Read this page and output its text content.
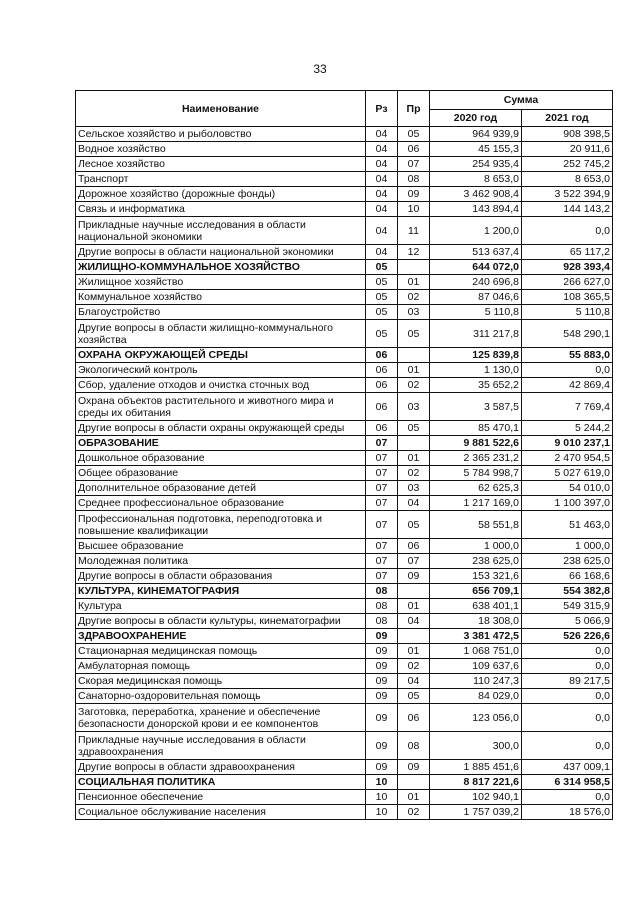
33
Наименование	Рз	Пр	Сумма	
			2020 год	2021 год
Сельское хозяйство и рыболовство	04	05	964 939,9	908 398,5
Водное хозяйство	04	06	45 155,3	20 911,6
Лесное хозяйство	04	07	254 935,4	252 745,2
Транспорт	04	08	8 653,0	8 653,0
Дорожное хозяйство (дорожные фонды)	04	09	3 462 908,4	3 522 394,9
Связь и информатика	04	10	143 894,4	144 143,2
Прикладные научные исследования в области национальной экономики	04	11	1 200,0	0,0
Другие вопросы в области национальной экономики	04	12	513 637,4	65 117,2
ЖИЛИЩНО-КОММУНАЛЬНОЕ ХОЗЯЙСТВО	05		644 072,0	928 393,4
Жилищное хозяйство	05	01	240 696,8	266 627,0
Коммунальное хозяйство	05	02	87 046,6	108 365,5
Благоустройство	05	03	5 110,8	5 110,8
Другие вопросы в области жилищно-коммунального хозяйства	05	05	311 217,8	548 290,1
ОХРАНА ОКРУЖАЮЩЕЙ СРЕДЫ	06		125 839,8	55 883,0
Экологический контроль	06	01	1 130,0	0,0
Сбор, удаление отходов и очистка сточных вод	06	02	35 652,2	42 869,4
Охрана объектов растительного и животного мира и среды их обитания	06	03	3 587,5	7 769,4
Другие вопросы в области охраны окружающей среды	06	05	85 470,1	5 244,2
ОБРАЗОВАНИЕ	07		9 881 522,6	9 010 237,1
Дошкольное образование	07	01	2 365 231,2	2 470 954,5
Общее образование	07	02	5 784 998,7	5 027 619,0
Дополнительное образование детей	07	03	62 625,3	54 010,0
Среднее профессиональное образование	07	04	1 217 169,0	1 100 397,0
Профессиональная подготовка, переподготовка и повышение квалификации	07	05	58 551,8	51 463,0
Высшее образование	07	06	1 000,0	1 000,0
Молодежная политика	07	07	238 625,0	238 625,0
Другие вопросы в области образования	07	09	153 321,6	66 168,6
КУЛЬТУРА, КИНЕМАТОГРАФИЯ	08		656 709,1	554 382,8
Культура	08	01	638 401,1	549 315,9
Другие вопросы в области культуры, кинематографии	08	04	18 308,0	5 066,9
ЗДРАВООХРАНЕНИЕ	09		3 381 472,5	526 226,6
Стационарная медицинская помощь	09	01	1 068 751,0	0,0
Амбулаторная помощь	09	02	109 637,6	0,0
Скорая медицинская помощь	09	04	110 247,3	89 217,5
Санаторно-оздоровительная помощь	09	05	84 029,0	0,0
Заготовка, переработка, хранение и обеспечение безопасности донорской крови и ее компонентов	09	06	123 056,0	0,0
Прикладные научные исследования в области здравоохранения	09	08	300,0	0,0
Другие вопросы в области здравоохранения	09	09	1 885 451,6	437 009,1
СОЦИАЛЬНАЯ ПОЛИТИКА	10		8 817 221,6	6 314 958,5
Пенсионное обеспечение	10	01	102 940,1	0,0
Социальное обслуживание населения	10	02	1 757 039,2	18 576,0
